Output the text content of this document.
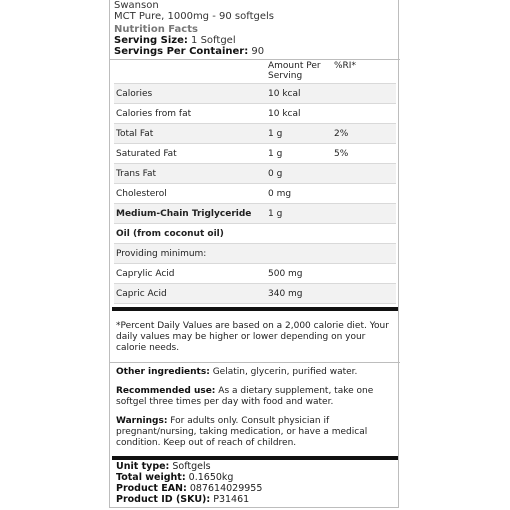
Swanson
MCT Pure, 1000mg - 90 softgels
Nutrition Facts
Serving Size: 1 Softgel
Servings Per Container: 90
	Amount Per Serving	%RI*
Calories	10 kcal	
Calories from fat	10 kcal	
Total Fat	1 g	2%
Saturated Fat	1 g	5%
Trans Fat	0 g	
Cholesterol	0 mg	
Medium-Chain Triglyceride	1 g	
Oil (from coconut oil)		
Providing minimum:		
Caprylic Acid	500 mg	
Capric Acid	340 mg	
*Percent Daily Values are based on a 2,000 calorie diet. Your daily values may be higher or lower depending on your calorie needs.
Other ingredients: Gelatin, glycerin, purified water.
Recommended use: As a dietary supplement, take one softgel three times per day with food and water.
Warnings: For adults only. Consult physician if pregnant/nursing, taking medication, or have a medical condition. Keep out of reach of children.
Unit type: Softgels
Total weight: 0.1650kg
Product EAN: 087614029955
Product ID (SKU): P31461
